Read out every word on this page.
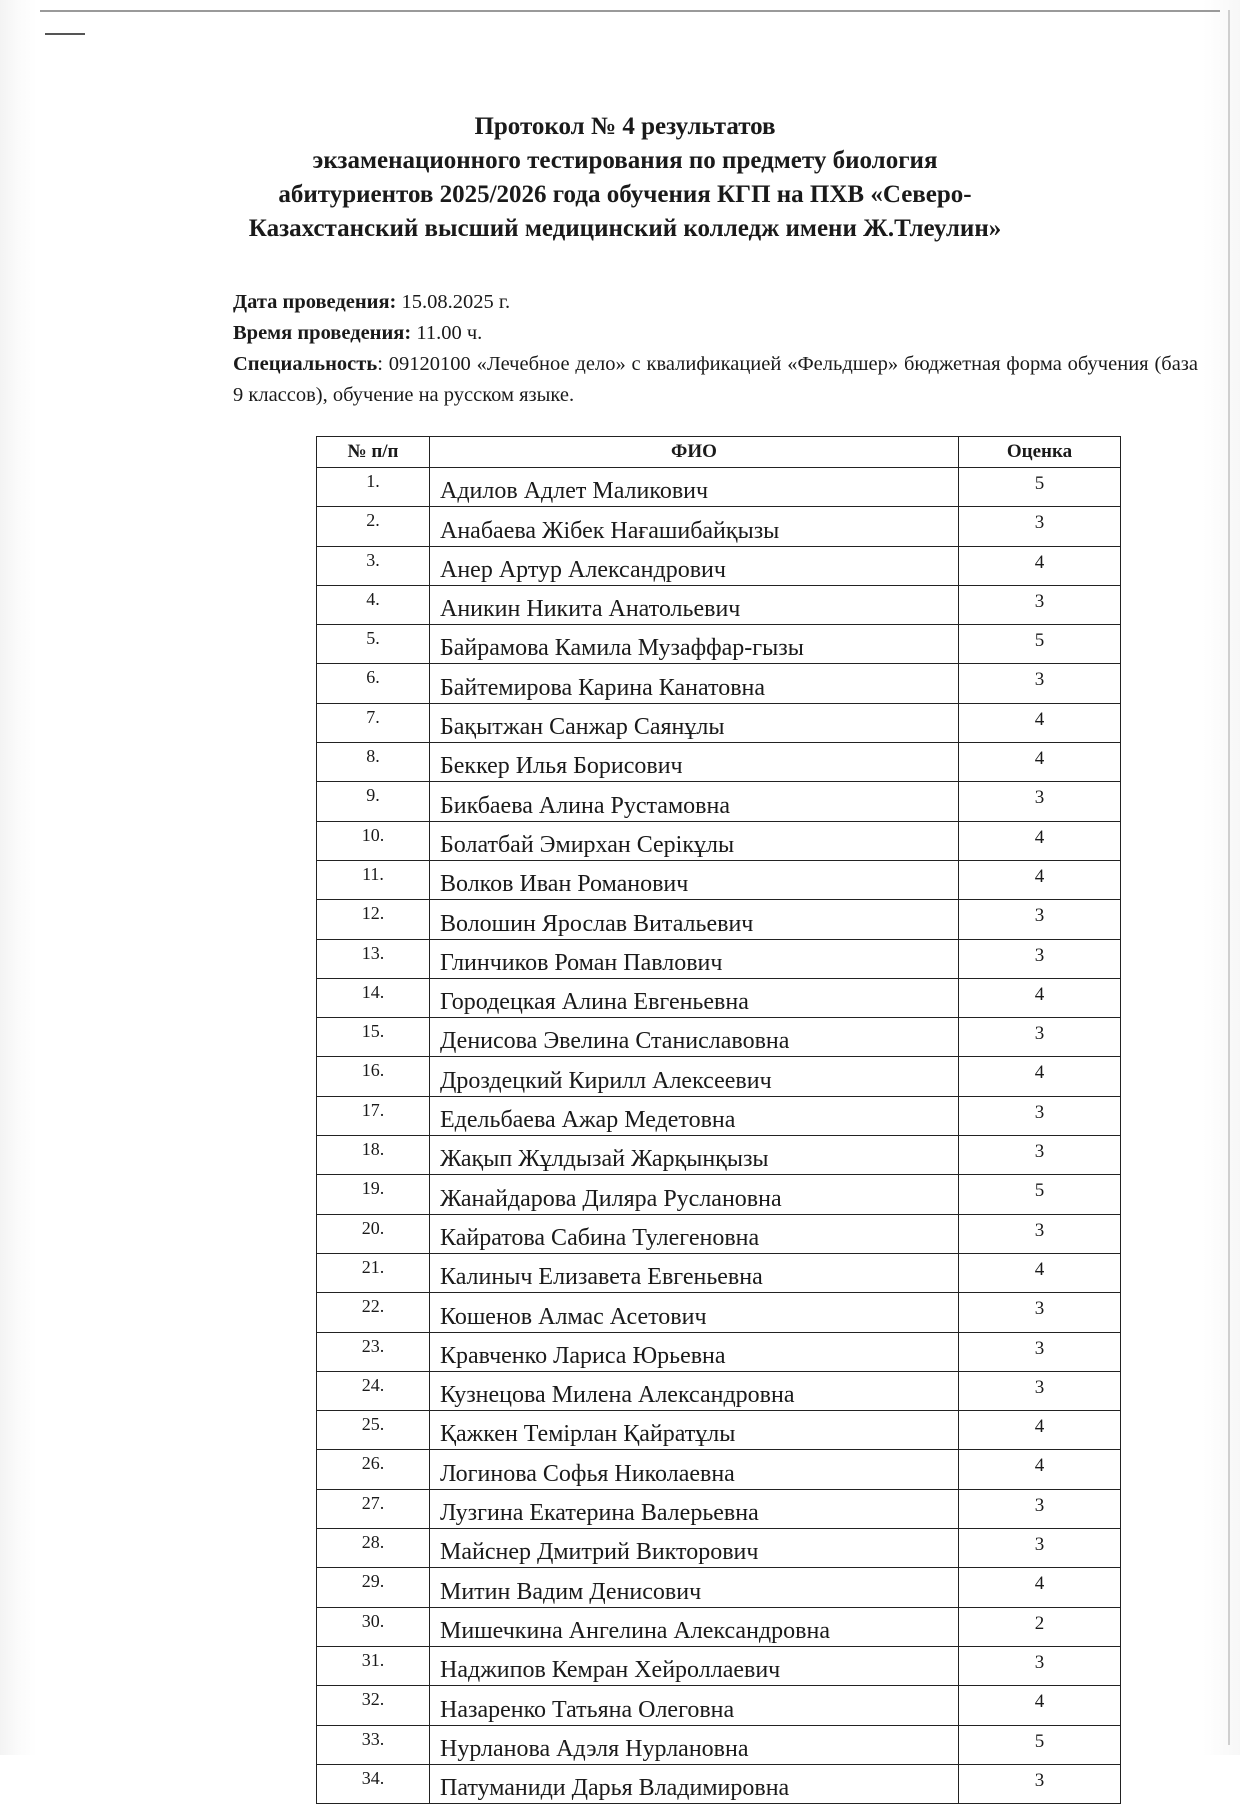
Протокол № 4 результатов
экзаменационного тестирования по предмету биология
абитуриентов 2025/2026 года обучения КГП на ПХВ «Северо-
Казахстанский высший медицинский колледж имени Ж.Тлеулин»
Дата проведения: 15.08.2025 г.
Время проведения: 11.00 ч.
Специальность: 09120100 «Лечебное дело» с квалификацией «Фельдшер» бюджетная форма обучения (база 9 классов), обучение на русском языке.
№ п/п	ФИО	Оценка
1.	Адилов Адлет Маликович	5
2.	Анабаева Жібек Нағашибайқызы	3
3.	Анер Артур Александрович	4
4.	Аникин Никита Анатольевич	3
5.	Байрамова Камила Музаффар-гызы	5
6.	Байтемирова Карина Канатовна	3
7.	Бақытжан Санжар Саянұлы	4
8.	Беккер Илья Борисович	4
9.	Бикбаева Алина Рустамовна	3
10.	Болатбай Эмирхан Серікұлы	4
11.	Волков Иван Романович	4
12.	Волошин Ярослав Витальевич	3
13.	Глинчиков Роман Павлович	3
14.	Городецкая Алина Евгеньевна	4
15.	Денисова Эвелина Станиславовна	3
16.	Дроздецкий Кирилл Алексеевич	4
17.	Едельбаева Ажар Медетовна	3
18.	Жақып Жұлдызай Жарқынқызы	3
19.	Жанайдарова Диляра Руслановна	5
20.	Кайратова Сабина Тулегеновна	3
21.	Калиныч Елизавета Евгеньевна	4
22.	Кошенов Алмас Асетович	3
23.	Кравченко Лариса Юрьевна	3
24.	Кузнецова Милена Александровна	3
25.	Қажкен Темірлан Қайратұлы	4
26.	Логинова Софья Николаевна	4
27.	Лузгина Екатерина Валерьевна	3
28.	Майснер Дмитрий Викторович	3
29.	Митин Вадим Денисович	4
30.	Мишечкина Ангелина Александровна	2
31.	Наджипов Кемран Хейроллаевич	3
32.	Назаренко Татьяна Олеговна	4
33.	Нурланова Адэля Нурлановна	5
34.	Патуманиди Дарья Владимировна	3
